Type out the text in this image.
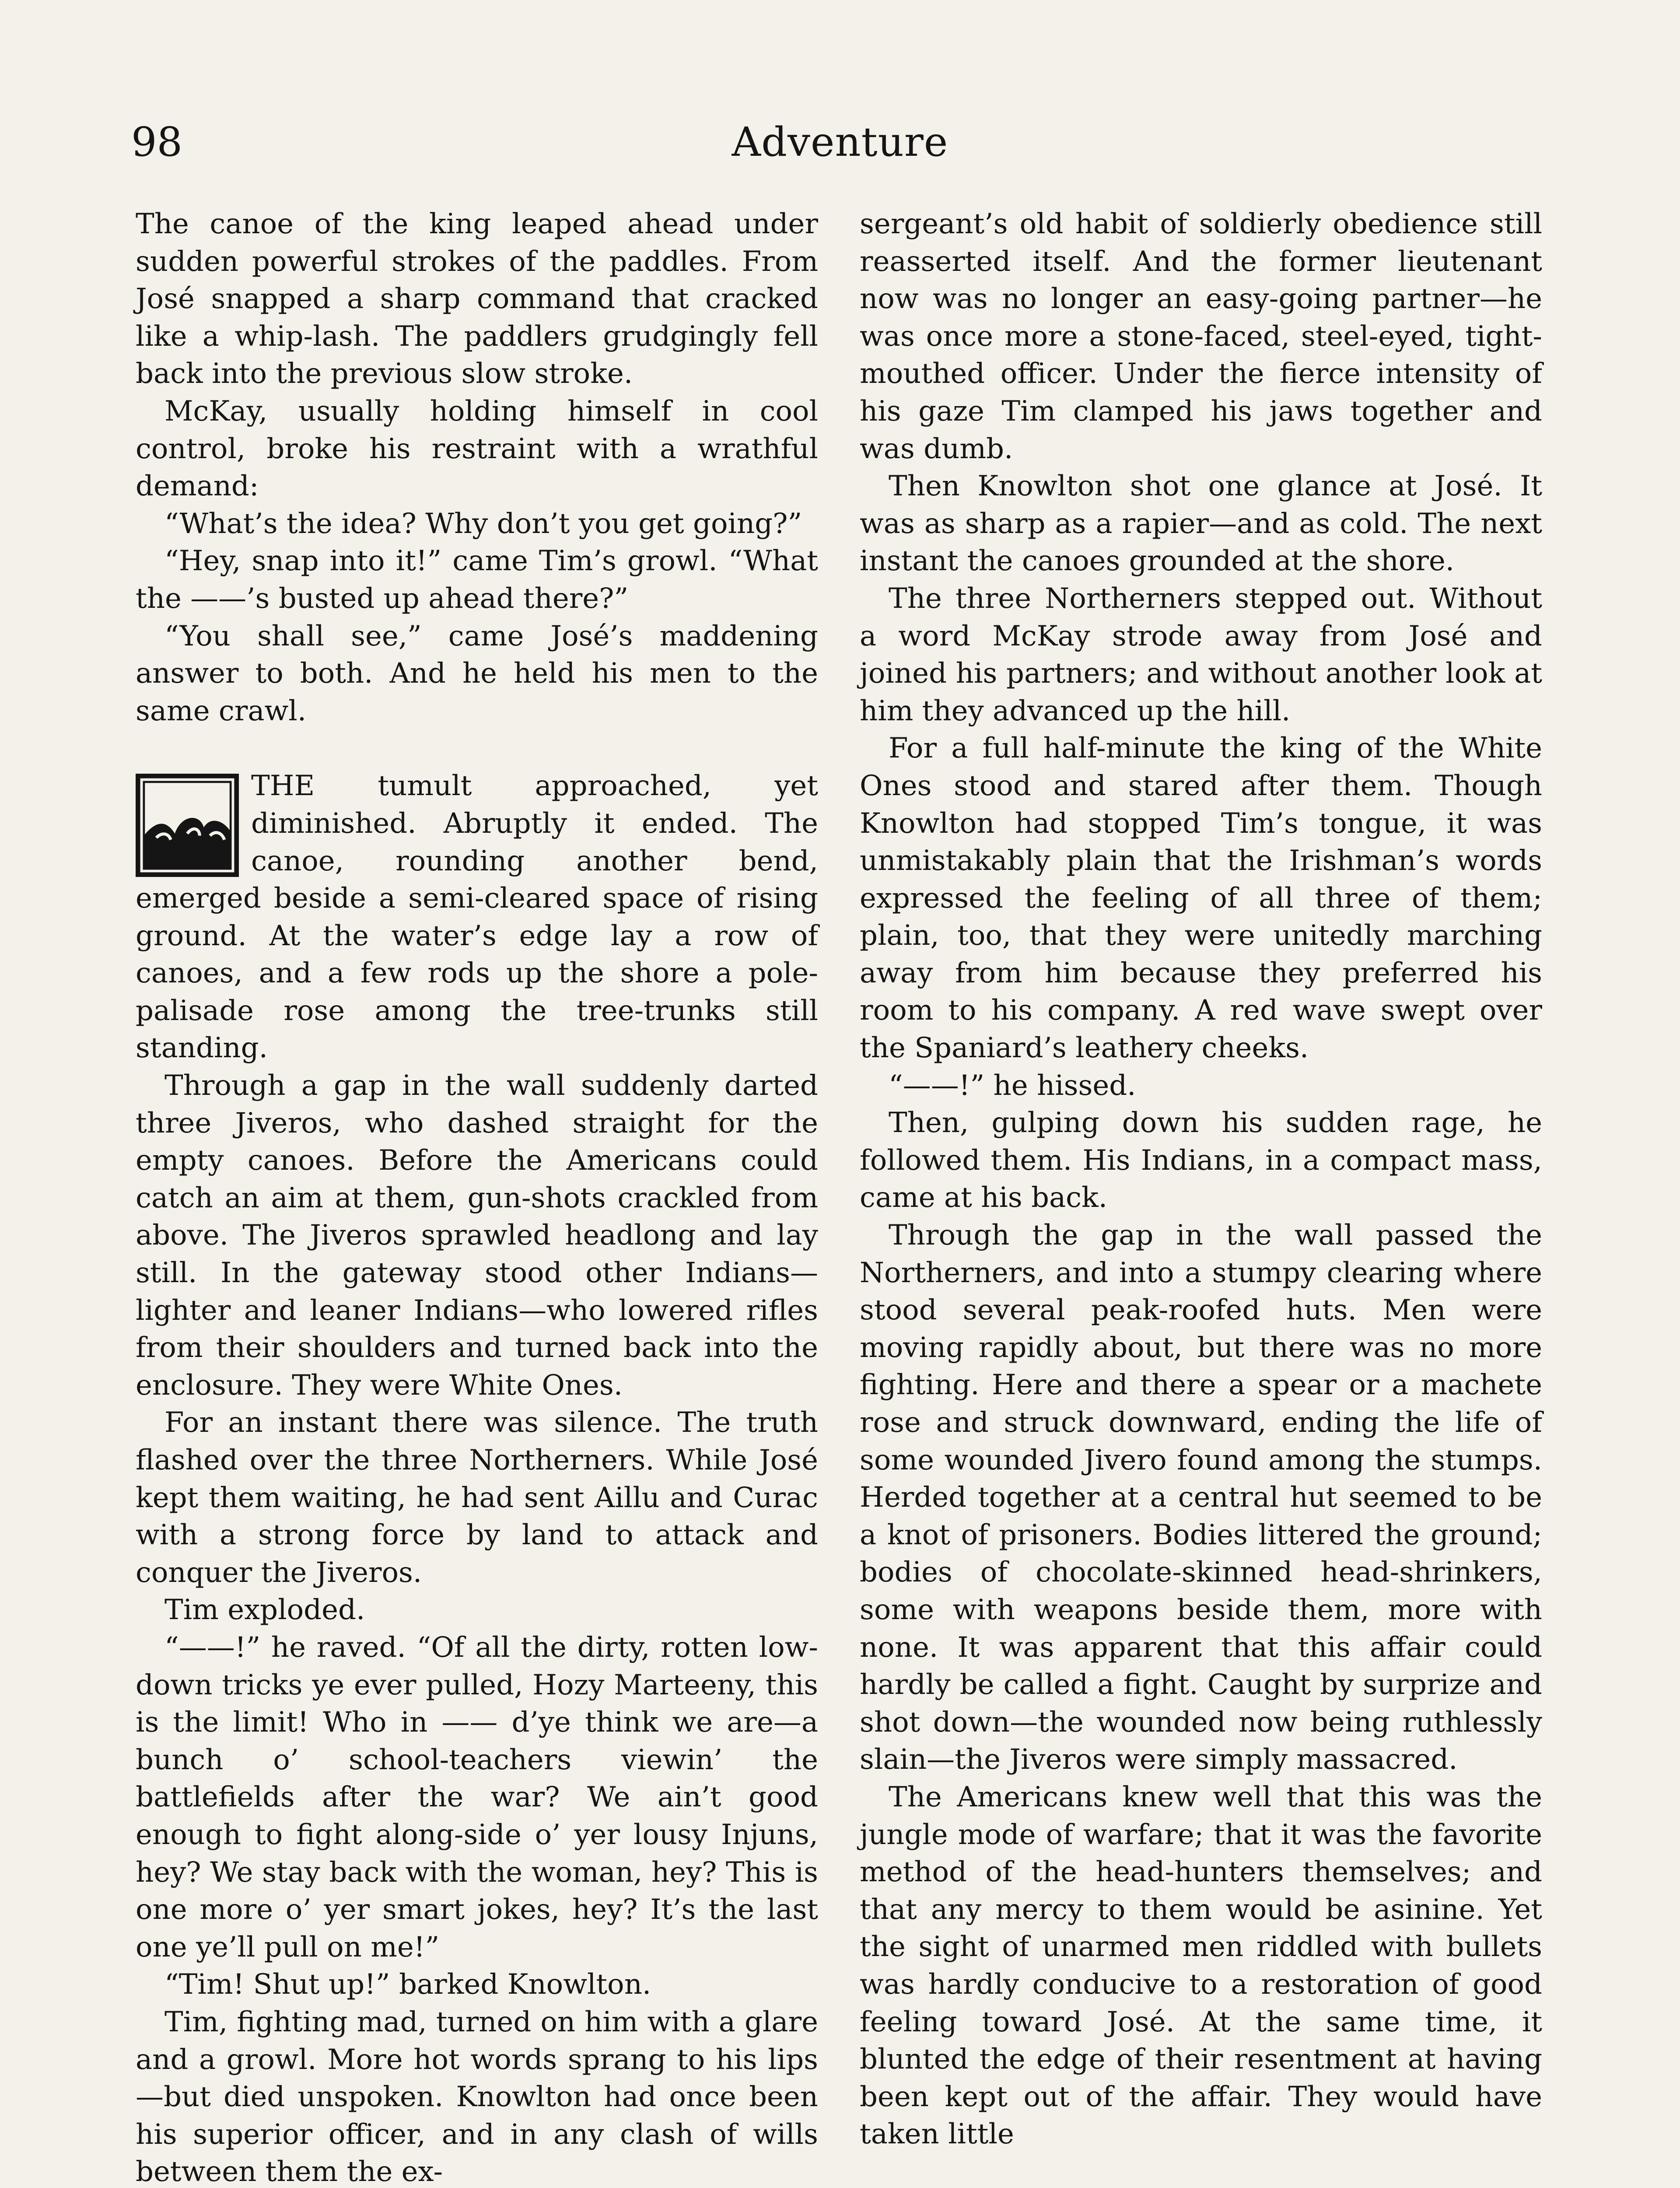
98	Adventure

The canoe of the king leaped ahead under sudden powerful strokes of the paddles. From José snapped a sharp command that cracked like a whip-lash. The paddlers grudgingly fell back into the previous slow stroke.

McKay, usually holding himself in cool control, broke his restraint with a wrathful demand:

“What’s the idea? Why don’t you get going?”

“Hey, snap into it!” came Tim’s growl. “What the ——’s busted up ahead there?”

“You shall see,” came José’s maddening answer to both. And he held his men to the same crawl.

THE tumult approached, yet diminished. Abruptly it ended. The canoe, rounding another bend, emerged beside a semi-cleared space of rising ground. At the water’s edge lay a row of canoes, and a few rods up the shore a pole-palisade rose among the tree-trunks still standing.

Through a gap in the wall suddenly darted three Jiveros, who dashed straight for the empty canoes. Before the Americans could catch an aim at them, gun-shots crackled from above. The Jiveros sprawled headlong and lay still. In the gateway stood other Indians—lighter and leaner Indians—who lowered rifles from their shoulders and turned back into the enclosure. They were White Ones.

For an instant there was silence. The truth flashed over the three Northerners. While José kept them waiting, he had sent Aillu and Curac with a strong force by land to attack and conquer the Jiveros.

Tim exploded.

“——!” he raved. “Of all the dirty, rotten low-down tricks ye ever pulled, Hozy Marteeny, this is the limit! Who in —— d’ye think we are—a bunch o’ school-teachers viewin’ the battlefields after the war? We ain’t good enough to fight along-side o’ yer lousy Injuns, hey? We stay back with the woman, hey? This is one more o’ yer smart jokes, hey? It’s the last one ye’ll pull on me!”

“Tim! Shut up!” barked Knowlton.

Tim, fighting mad, turned on him with a glare and a growl. More hot words sprang to his lips—but died unspoken. Knowlton had once been his superior officer, and in any clash of wills between them the ex-

sergeant’s old habit of soldierly obedience still reasserted itself. And the former lieutenant now was no longer an easy-going partner—he was once more a stone-faced, steel-eyed, tight-mouthed officer. Under the fierce intensity of his gaze Tim clamped his jaws together and was dumb.

Then Knowlton shot one glance at José. It was as sharp as a rapier—and as cold. The next instant the canoes grounded at the shore.

The three Northerners stepped out. Without a word McKay strode away from José and joined his partners; and without another look at him they advanced up the hill.

For a full half-minute the king of the White Ones stood and stared after them. Though Knowlton had stopped Tim’s tongue, it was unmistakably plain that the Irishman’s words expressed the feeling of all three of them; plain, too, that they were unitedly marching away from him because they preferred his room to his company. A red wave swept over the Spaniard’s leathery cheeks.

“——!” he hissed.

Then, gulping down his sudden rage, he followed them. His Indians, in a compact mass, came at his back.

Through the gap in the wall passed the Northerners, and into a stumpy clearing where stood several peak-roofed huts. Men were moving rapidly about, but there was no more fighting. Here and there a spear or a machete rose and struck downward, ending the life of some wounded Jivero found among the stumps. Herded together at a central hut seemed to be a knot of prisoners. Bodies littered the ground; bodies of chocolate-skinned head-shrinkers, some with weapons beside them, more with none. It was apparent that this affair could hardly be called a fight. Caught by surprize and shot down—the wounded now being ruthlessly slain—the Jiveros were simply massacred.

The Americans knew well that this was the jungle mode of warfare; that it was the favorite method of the head-hunters themselves; and that any mercy to them would be asinine. Yet the sight of unarmed men riddled with bullets was hardly conducive to a restoration of good feeling toward José. At the same time, it blunted the edge of their resentment at having been kept out of the affair. They would have taken little
